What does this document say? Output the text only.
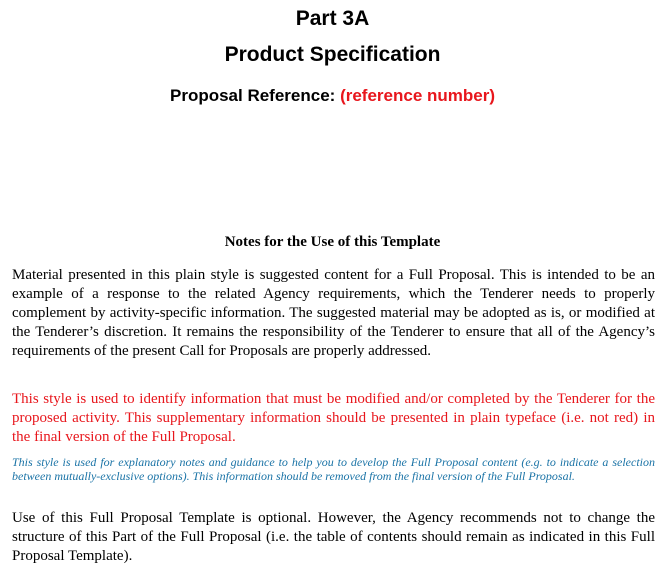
Part 3A
Product Specification
Proposal Reference: (reference number)
Notes for the Use of this Template

Material presented in this plain style is suggested content for a Full Proposal. This is intended to be an example of a response to the related Agency requirements, which the Tenderer needs to properly complement by activity-specific information. The suggested material may be adopted as is, or modified at the Tenderer’s discretion. It remains the responsibility of the Tenderer to ensure that all of the Agency’s requirements of the present Call for Proposals are properly addressed.

This style is used to identify information that must be modified and/or completed by the Tenderer for the proposed activity. This supplementary information should be presented in plain typeface (i.e. not red) in the final version of the Full Proposal.

This style is used for explanatory notes and guidance to help you to develop the Full Proposal content (e.g. to indicate a selection between mutually-exclusive options). This information should be removed from the final version of the Full Proposal.

Use of this Full Proposal Template is optional. However, the Agency recommends not to change the structure of this Part of the Full Proposal (i.e. the table of contents should remain as indicated in this Full Proposal Template).
